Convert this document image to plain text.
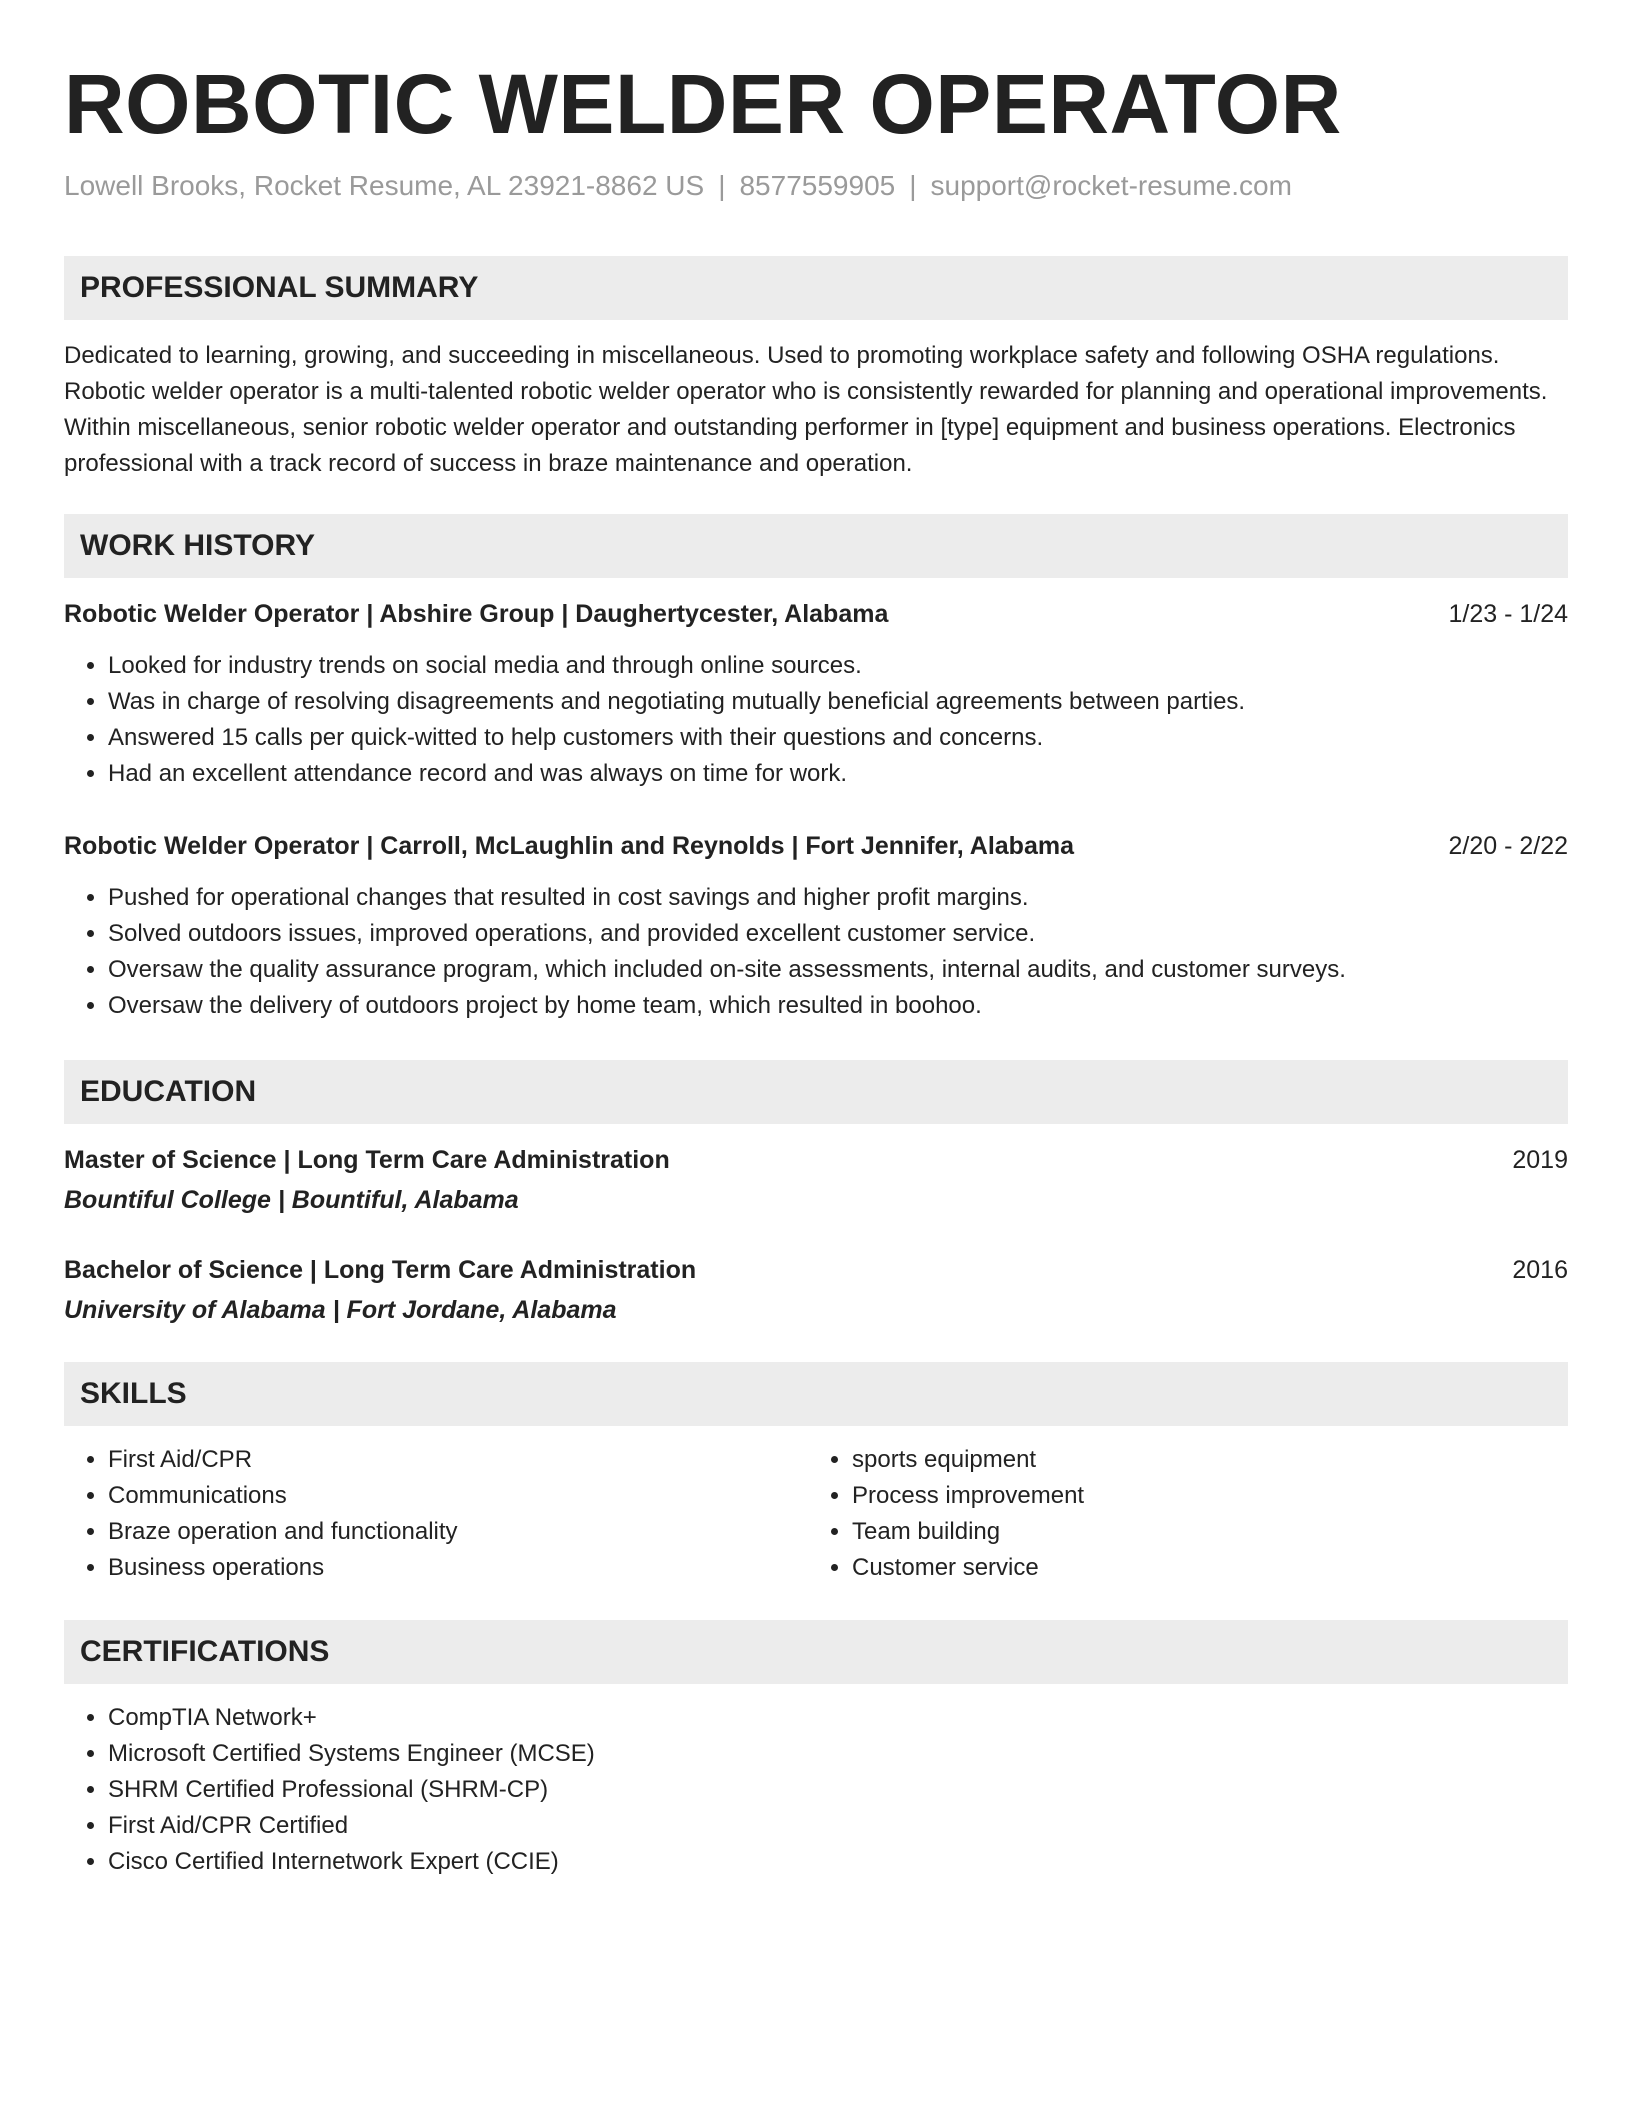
ROBOTIC WELDER OPERATOR
Lowell Brooks, Rocket Resume, AL 23921-8862 US | 8577559905 | support@rocket-resume.com
PROFESSIONAL SUMMARY
Dedicated to learning, growing, and succeeding in miscellaneous. Used to promoting workplace safety and following OSHA regulations. Robotic welder operator is a multi-talented robotic welder operator who is consistently rewarded for planning and operational improvements. Within miscellaneous, senior robotic welder operator and outstanding performer in [type] equipment and business operations. Electronics professional with a track record of success in braze maintenance and operation.
WORK HISTORY
Robotic Welder Operator | Abshire Group | Daughertycester, Alabama	1/23 - 1/24
• Looked for industry trends on social media and through online sources.
• Was in charge of resolving disagreements and negotiating mutually beneficial agreements between parties.
• Answered 15 calls per quick-witted to help customers with their questions and concerns.
• Had an excellent attendance record and was always on time for work.
Robotic Welder Operator | Carroll, McLaughlin and Reynolds | Fort Jennifer, Alabama	2/20 - 2/22
• Pushed for operational changes that resulted in cost savings and higher profit margins.
• Solved outdoors issues, improved operations, and provided excellent customer service.
• Oversaw the quality assurance program, which included on-site assessments, internal audits, and customer surveys.
• Oversaw the delivery of outdoors project by home team, which resulted in boohoo.
EDUCATION
Master of Science | Long Term Care Administration	2019
Bountiful College | Bountiful, Alabama
Bachelor of Science | Long Term Care Administration	2016
University of Alabama | Fort Jordane, Alabama
SKILLS
• First Aid/CPR
• Communications
• Braze operation and functionality
• Business operations
• sports equipment
• Process improvement
• Team building
• Customer service
CERTIFICATIONS
• CompTIA Network+
• Microsoft Certified Systems Engineer (MCSE)
• SHRM Certified Professional (SHRM-CP)
• First Aid/CPR Certified
• Cisco Certified Internetwork Expert (CCIE)
